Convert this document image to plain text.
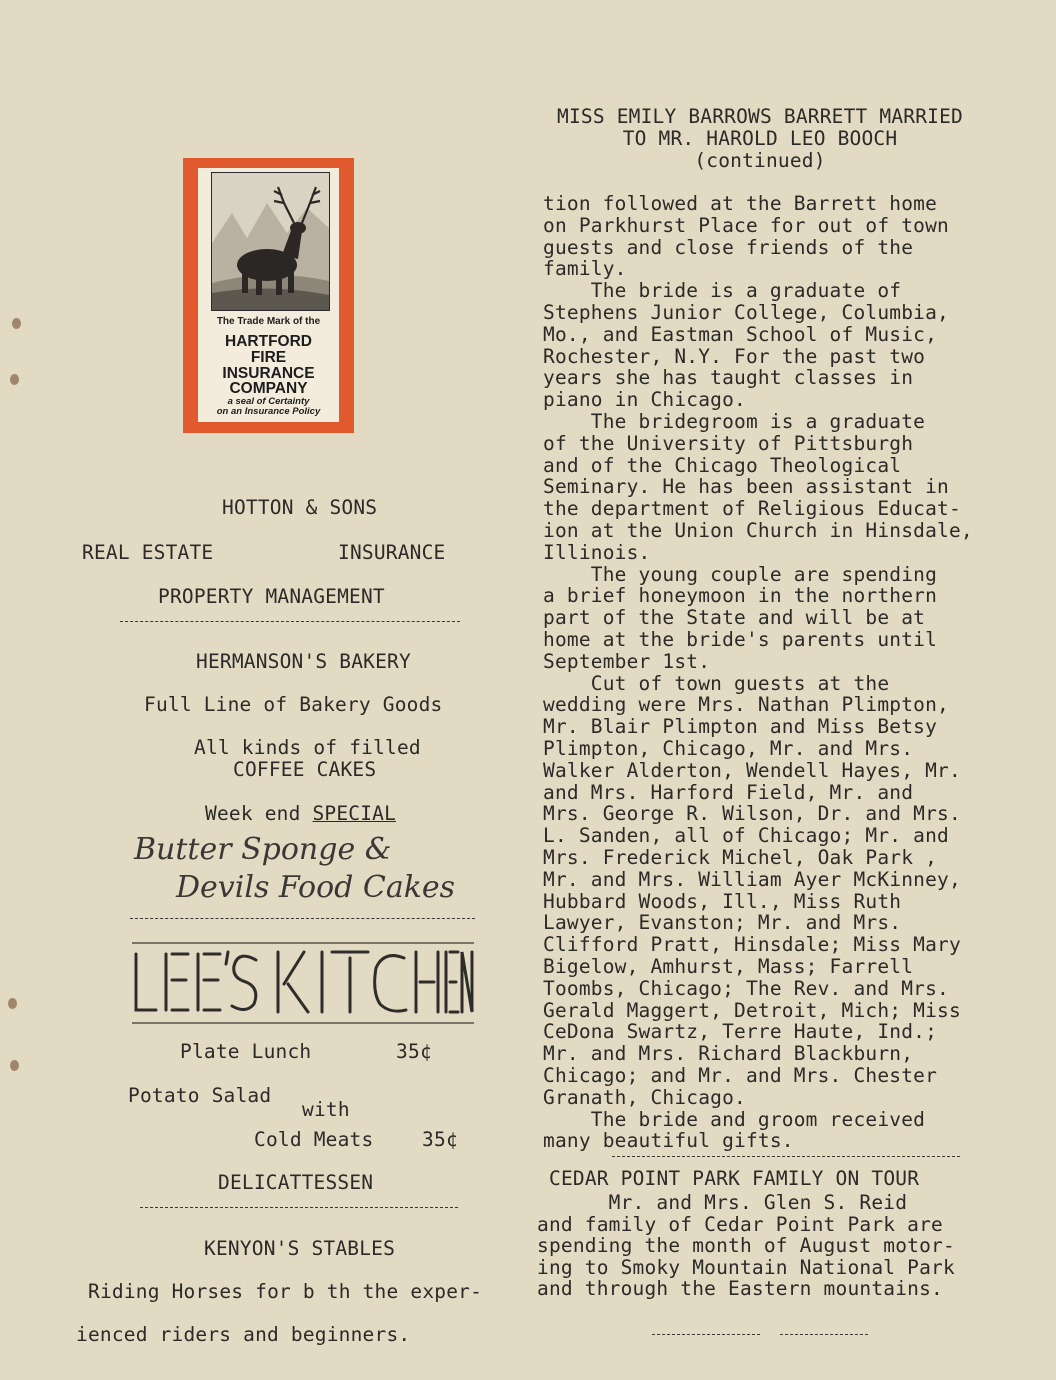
The Trade Mark of the
HARTFORD
FIRE
INSURANCE
COMPANY
a seal of Certainty
on an Insurance Policy
HOTTON & SONS
REAL ESTATE	INSURANCE
PROPERTY MANAGEMENT
HERMANSON'S BAKERY
Full Line of Bakery Goods
All kinds of filled
COFFEE CAKES
Week end SPECIAL
Butter Sponge &
Devils Food Cakes
Plate Lunch	35¢
Potato Salad
with
Cold Meats 35¢
DELICATTESSEN
KENYON'S STABLES
Riding Horses for b th the exper-
ienced riders and beginners.
MISS EMILY BARROWS BARRETT MARRIED
TO MR. HAROLD LEO BOOCH
(continued)
tion followed at the Barrett home
on Parkhurst Place for out of town
guests and close friends of the
family.
The bride is a graduate of
Stephens Junior College, Columbia,
Mo., and Eastman School of Music,
Rochester, N.Y. For the past two
years she has taught classes in
piano in Chicago.
The bridegroom is a graduate
of the University of Pittsburgh
and of the Chicago Theological
Seminary. He has been assistant in
the department of Religious Educat-
ion at the Union Church in Hinsdale,
Illinois.
The young couple are spending
a brief honeymoon in the northern
part of the State and will be at
home at the bride's parents until
September 1st.
Cut of town guests at the
wedding were Mrs. Nathan Plimpton,
Mr. Blair Plimpton and Miss Betsy
Plimpton, Chicago, Mr. and Mrs.
Walker Alderton, Wendell Hayes, Mr.
and Mrs. Harford Field, Mr. and
Mrs. George R. Wilson, Dr. and Mrs.
L. Sanden, all of Chicago; Mr. and
Mrs. Frederick Michel, Oak Park ,
Mr. and Mrs. William Ayer McKinney,
Hubbard Woods, Ill., Miss Ruth
Lawyer, Evanston; Mr. and Mrs.
Clifford Pratt, Hinsdale; Miss Mary
Bigelow, Amhurst, Mass; Farrell
Toombs, Chicago; The Rev. and Mrs.
Gerald Maggert, Detroit, Mich; Miss
CeDona Swartz, Terre Haute, Ind.;
Mr. and Mrs. Richard Blackburn,
Chicago; and Mr. and Mrs. Chester
Granath, Chicago.
The bride and groom received
many beautiful gifts.
CEDAR POINT PARK FAMILY ON TOUR
Mr. and Mrs. Glen S. Reid
and family of Cedar Point Park are
spending the month of August motor-
ing to Smoky Mountain National Park
and through the Eastern mountains.
